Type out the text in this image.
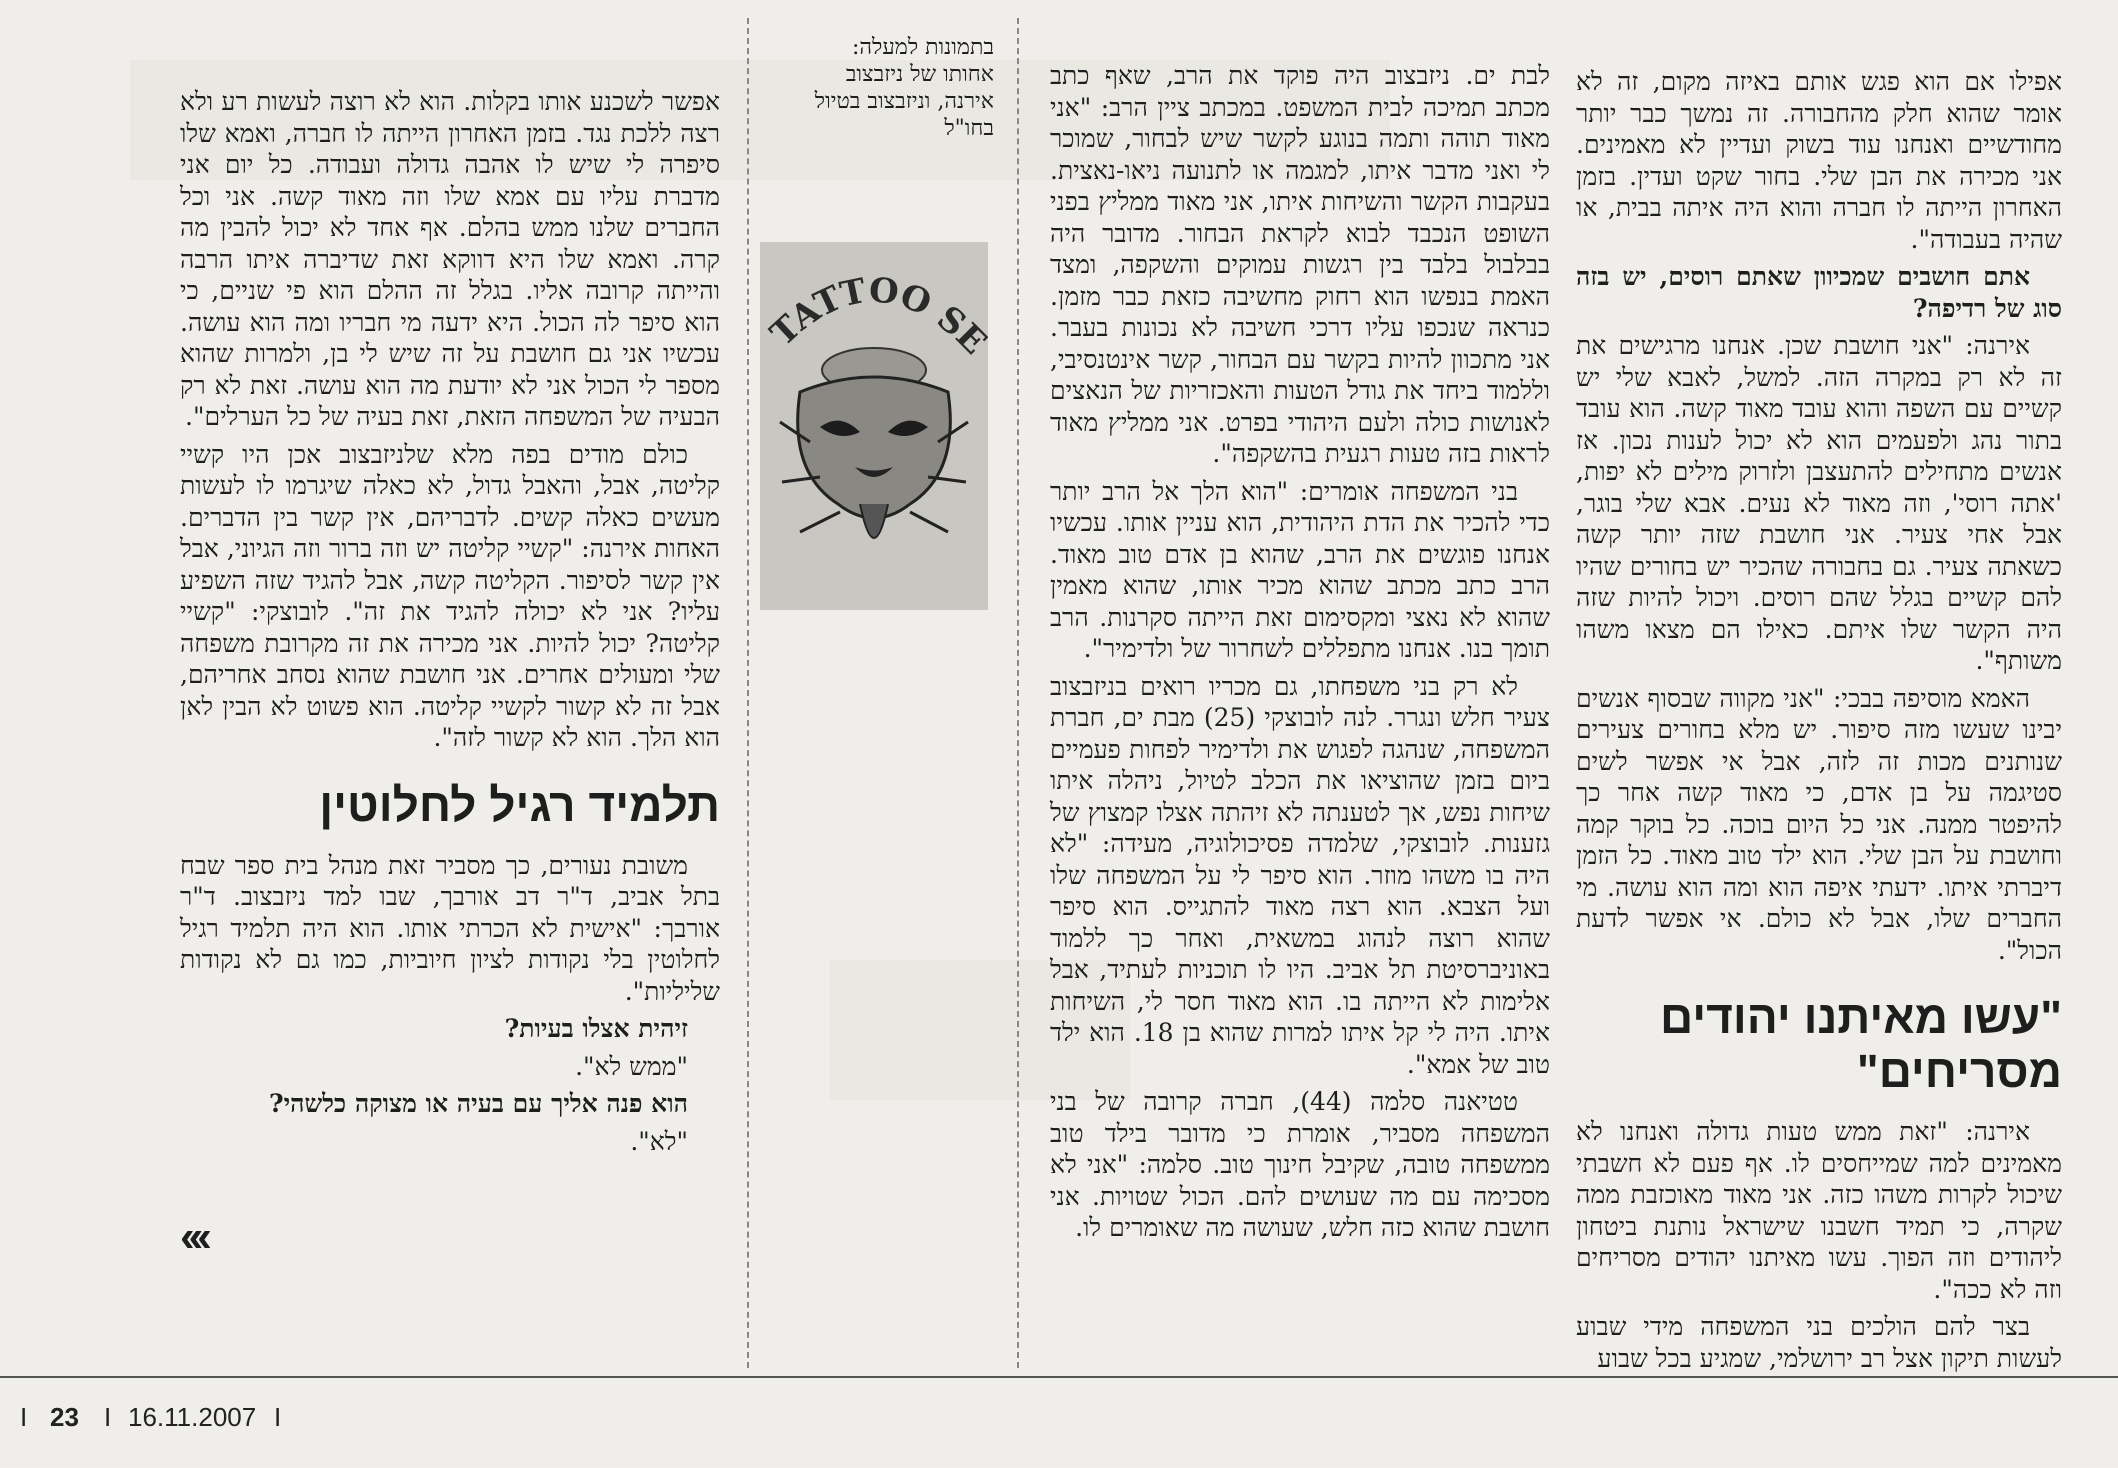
אפילו אם הוא פגש אותם באיזה מקום, זה לא אומר שהוא חלק מהחבורה. זה נמשך כבר יותר מחודשיים ואנחנו עוד בשוק ועדיין לא מאמינים. אני מכירה את הבן שלי. בחור שקט ועדין. בזמן האחרון הייתה לו חברה והוא היה איתה בבית, או שהיה בעבודה".

אתם חושבים שמכיוון שאתם רוסים, יש בזה סוג של רדיפה?

אירנה: "אני חושבת שכן. אנחנו מרגישים את זה לא רק במקרה הזה. למשל, לאבא שלי יש קשיים עם השפה והוא עובד מאוד קשה. הוא עובד בתור נהג ולפעמים הוא לא יכול לענות נכון. אז אנשים מתחילים להתעצבן ולזרוק מילים לא יפות, 'אתה רוסי', וזה מאוד לא נעים. אבא שלי בוגר, אבל אחי צעיר. אני חושבת שזה יותר קשה כשאתה צעיר. גם בחבורה שהכיר יש בחורים שהיו להם קשיים בגלל שהם רוסים. ויכול להיות שזה היה הקשר שלו איתם. כאילו הם מצאו משהו משותף".

האמא מוסיפה בבכי: "אני מקווה שבסוף אנשים יבינו שעשו מזה סיפור. יש מלא בחורים צעירים שנותנים מכות זה לזה, אבל אי אפשר לשים סטיגמה על בן אדם, כי מאוד קשה אחר כך להיפטר ממנה. אני כל היום בוכה. כל בוקר קמה וחושבת על הבן שלי. הוא ילד טוב מאוד. כל הזמן דיברתי איתו. ידעתי איפה הוא ומה הוא עושה. מי החברים שלו, אבל לא כולם. אי אפשר לדעת הכול".

"עשו מאיתנו יהודים מסריחים"

אירנה: "זאת ממש טעות גדולה ואנחנו לא מאמינים למה שמייחסים לו. אף פעם לא חשבתי שיכול לקרות משהו כזה. אני מאוד מאוכזבת ממה שקרה, כי תמיד חשבנו שישראל נותנת ביטחון ליהודים וזה הפוך. עשו מאיתנו יהודים מסריחים וזה לא ככה".

בצר להם הולכים בני המשפחה מידי שבוע לעשות תיקון אצל רב ירושלמי, שמגיע בכל שבוע

לבת ים. ניזבצוב היה פוקד את הרב, שאף כתב מכתב תמיכה לבית המשפט. במכתב ציין הרב: "אני מאוד תוהה ותמה בנוגע לקשר שיש לבחור, שמוכר לי ואני מדבר איתו, למגמה או לתנועה ניאו-נאצית. בעקבות הקשר והשיחות איתו, אני מאוד ממליץ בפני השופט הנכבד לבוא לקראת הבחור. מדובר היה בבלבול בלבד בין רגשות עמוקים והשקפה, ומצד האמת בנפשו הוא רחוק מחשיבה כזאת כבר מזמן. כנראה שנכפו עליו דרכי חשיבה לא נכונות בעבר. אני מתכוון להיות בקשר עם הבחור, קשר אינטנסיבי, וללמוד ביחד את גודל הטעות והאכזריות של הנאצים לאנושות כולה ולעם היהודי בפרט. אני ממליץ מאוד לראות בזה טעות רגעית בהשקפה".

בני המשפחה אומרים: "הוא הלך אל הרב יותר כדי להכיר את הדת היהודית, הוא עניין אותו. עכשיו אנחנו פוגשים את הרב, שהוא בן אדם טוב מאוד. הרב כתב מכתב שהוא מכיר אותו, שהוא מאמין שהוא לא נאצי ומקסימום זאת הייתה סקרנות. הרב תומך בנו. אנחנו מתפללים לשחרור של ולדימיר".

לא רק בני משפחתו, גם מכריו רואים בניזבצוב צעיר חלש ונגרר. לנה לובוצקי (25) מבת ים, חברת המשפחה, שנהגה לפגוש את ולדימיר לפחות פעמיים ביום בזמן שהוציאו את הכלב לטיול, ניהלה איתו שיחות נפש, אך לטענתה לא זיהתה אצלו קמצוץ של גזענות. לובוצקי, שלמדה פסיכולוגיה, מעידה: "לא היה בו משהו מוזר. הוא סיפר לי על המשפחה שלו ועל הצבא. הוא רצה מאוד להתגייס. הוא סיפר שהוא רוצה לנהוג במשאית, ואחר כך ללמוד באוניברסיטת תל אביב. היו לו תוכניות לעתיד, אבל אלימות לא הייתה בו. הוא מאוד חסר לי, השיחות איתו. היה לי קל איתו למרות שהוא בן 18. הוא ילד טוב של אמא".

טטיאנה סלמה (44), חברה קרובה של בני המשפחה מסביר, אומרת כי מדובר בילד טוב ממשפחה טובה, שקיבל חינוך טוב. סלמה: "אני לא מסכימה עם מה שעושים להם. הכול שטויות. אני חושבת שהוא כזה חלש, שעושה מה שאומרים לו.

בתמונות למעלה:
אחותו של ניזבצוב
אירנה, וניזבצוב בטיול
בחו"ל
TATTOO S

אפשר לשכנע אותו בקלות. הוא לא רוצה לעשות רע ולא רצה ללכת נגד. בזמן האחרון הייתה לו חברה, ואמא שלו סיפרה לי שיש לו אהבה גדולה ועבודה. כל יום אני מדברת עליו עם אמא שלו וזה מאוד קשה. אני וכל החברים שלנו ממש בהלם. אף אחד לא יכול להבין מה קרה. ואמא שלו היא דווקא זאת שדיברה איתו הרבה והייתה קרובה אליו. בגלל זה ההלם הוא פי שניים, כי הוא סיפר לה הכול. היא ידעה מי חבריו ומה הוא עושה. עכשיו אני גם חושבת על זה שיש לי בן, ולמרות שהוא מספר לי הכול אני לא יודעת מה הוא עושה. זאת לא רק הבעיה של המשפחה הזאת, זאת בעיה של כל הערלים".

כולם מודים בפה מלא שלניזבצוב אכן היו קשיי קליטה, אבל, והאבל גדול, לא כאלה שיגרמו לו לעשות מעשים כאלה קשים. לדבריהם, אין קשר בין הדברים. האחות אירנה: "קשיי קליטה יש וזה ברור וזה הגיוני, אבל אין קשר לסיפור. הקליטה קשה, אבל להגיד שזה השפיע עליו? אני לא יכולה להגיד את זה". לובוצקי: "קשיי קליטה? יכול להיות. אני מכירה את זה מקרובת משפחה שלי ומעולים אחרים. אני חושבת שהוא נסחב אחריהם, אבל זה לא קשור לקשיי קליטה. הוא פשוט לא הבין לאן הוא הלך. הוא לא קשור לזה".

תלמיד רגיל לחלוטין

משובת נעורים, כך מסביר זאת מנהל בית ספר שבח בתל אביב, ד"ר דב אורבך, שבו למד ניזבצוב. ד"ר אורבך: "אישית לא הכרתי אותו. הוא היה תלמיד רגיל לחלוטין בלי נקודות לציון חיוביות, כמו גם לא נקודות שליליות".

זיהית אצלו בעיות?

"ממש לא".

הוא פנה אליך עם בעיה או מצוקה כלשהי?

"לא".

‹‹‹
I 23 I 16.11.2007 I
